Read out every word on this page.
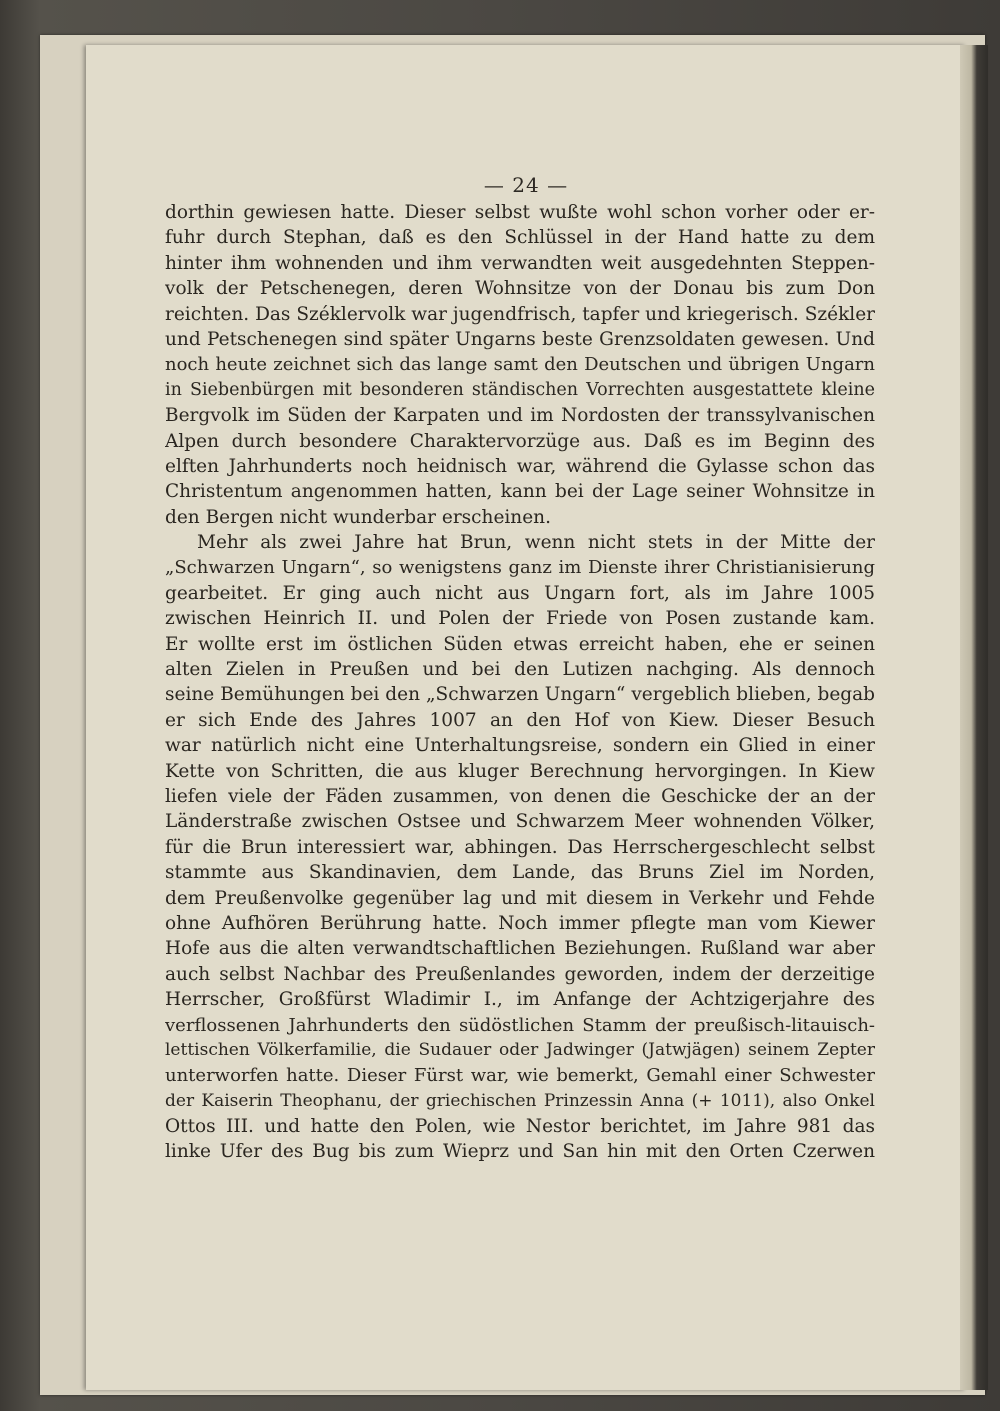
— 24 —
dorthin gewiesen hatte. Dieser selbst wußte wohl schon vorher oder er-
fuhr durch Stephan, daß es den Schlüssel in der Hand hatte zu dem
hinter ihm wohnenden und ihm verwandten weit ausgedehnten Steppen-
volk der Petschenegen, deren Wohnsitze von der Donau bis zum Don
reichten. Das Széklervolk war jugendfrisch, tapfer und kriegerisch. Székler
und Petschenegen sind später Ungarns beste Grenzsoldaten gewesen. Und
noch heute zeichnet sich das lange samt den Deutschen und übrigen Ungarn
in Siebenbürgen mit besonderen ständischen Vorrechten ausgestattete kleine
Bergvolk im Süden der Karpaten und im Nordosten der transsylvanischen
Alpen durch besondere Charaktervorzüge aus. Daß es im Beginn des
elften Jahrhunderts noch heidnisch war, während die Gylasse schon das
Christentum angenommen hatten, kann bei der Lage seiner Wohnsitze in
den Bergen nicht wunderbar erscheinen.
Mehr als zwei Jahre hat Brun, wenn nicht stets in der Mitte der
„Schwarzen Ungarn“, so wenigstens ganz im Dienste ihrer Christianisierung
gearbeitet. Er ging auch nicht aus Ungarn fort, als im Jahre 1005
zwischen Heinrich II. und Polen der Friede von Posen zustande kam.
Er wollte erst im östlichen Süden etwas erreicht haben, ehe er seinen
alten Zielen in Preußen und bei den Lutizen nachging. Als dennoch
seine Bemühungen bei den „Schwarzen Ungarn“ vergeblich blieben, begab
er sich Ende des Jahres 1007 an den Hof von Kiew. Dieser Besuch
war natürlich nicht eine Unterhaltungsreise, sondern ein Glied in einer
Kette von Schritten, die aus kluger Berechnung hervorgingen. In Kiew
liefen viele der Fäden zusammen, von denen die Geschicke der an der
Länderstraße zwischen Ostsee und Schwarzem Meer wohnenden Völker,
für die Brun interessiert war, abhingen. Das Herrschergeschlecht selbst
stammte aus Skandinavien, dem Lande, das Bruns Ziel im Norden,
dem Preußenvolke gegenüber lag und mit diesem in Verkehr und Fehde
ohne Aufhören Berührung hatte. Noch immer pflegte man vom Kiewer
Hofe aus die alten verwandtschaftlichen Beziehungen. Rußland war aber
auch selbst Nachbar des Preußenlandes geworden, indem der derzeitige
Herrscher, Großfürst Wladimir I., im Anfange der Achtzigerjahre des
verflossenen Jahrhunderts den südöstlichen Stamm der preußisch-litauisch-
lettischen Völkerfamilie, die Sudauer oder Jadwinger (Jatwjägen) seinem Zepter
unterworfen hatte. Dieser Fürst war, wie bemerkt, Gemahl einer Schwester
der Kaiserin Theophanu, der griechischen Prinzessin Anna (+ 1011), also Onkel
Ottos III. und hatte den Polen, wie Nestor berichtet, im Jahre 981 das
linke Ufer des Bug bis zum Wieprz und San hin mit den Orten Czerwen
